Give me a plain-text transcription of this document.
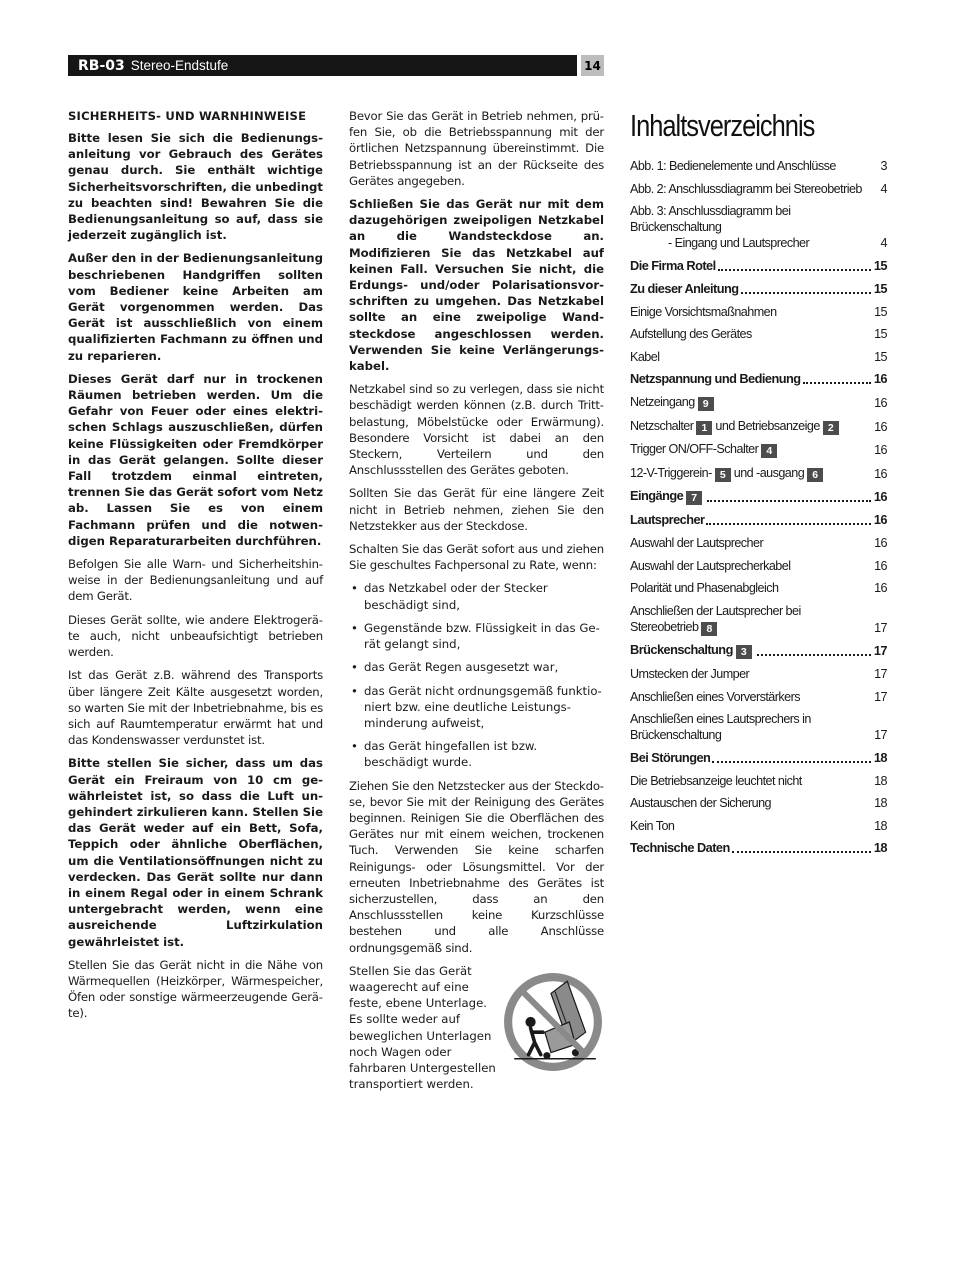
RB-03 Stereo-Endstufe	14
SICHERHEITS- UND WARNHINWEISE

Bitte lesen Sie sich die Bedienungsanleitung vor Gebrauch des Gerätes genau durch. Sie enthält wichtige Sicherheitsvorschriften, die unbedingt zu beachten sind! Bewahren Sie die Bedienungsanleitung so auf, dass sie jederzeit zugänglich ist.

Außer den in der Bedienungsanleitung beschriebenen Handgriffen sollten vom Bediener keine Arbeiten am Gerät vorgenommen werden. Das Gerät ist ausschließlich von einem qualifizierten Fachmann zu öffnen und zu reparieren.

Dieses Gerät darf nur in trockenen Räumen betrieben werden. Um die Gefahr von Feuer oder eines elektrischen Schlags auszuschließen, dürfen keine Flüssigkeiten oder Fremdkörper in das Gerät gelangen. Sollte dieser Fall trotzdem einmal eintreten, trennen Sie das Gerät sofort vom Netz ab. Lassen Sie es von einem Fachmann prüfen und die notwendigen Reparaturarbeiten durchführen.

Befolgen Sie alle Warn- und Sicherheitshinweise in der Bedienungsanleitung und auf dem Gerät.

Dieses Gerät sollte, wie andere Elektrogeräte auch, nicht unbeaufsichtigt betrieben werden.

Ist das Gerät z.B. während des Transports über längere Zeit Kälte ausgesetzt worden, so warten Sie mit der Inbetriebnahme, bis es sich auf Raumtemperatur erwärmt hat und das Kondenswasser verdunstet ist.

Bitte stellen Sie sicher, dass um das Gerät ein Freiraum von 10 cm gewährleistet ist, so dass die Luft ungehindert zirkulieren kann. Stellen Sie das Gerät weder auf ein Bett, Sofa, Teppich oder ähnliche Oberflächen, um die Ventilationsöffnungen nicht zu verdecken. Das Gerät sollte nur dann in einem Regal oder in einem Schrank untergebracht werden, wenn eine ausreichende Luftzirkulation gewährleistet ist.

Stellen Sie das Gerät nicht in die Nähe von Wärmequellen (Heizkörper, Wärmespeicher, Öfen oder sonstige wärmeerzeugende Geräte).

Bevor Sie das Gerät in Betrieb nehmen, prüfen Sie, ob die Betriebsspannung mit der örtlichen Netzspannung übereinstimmt. Die Betriebsspannung ist an der Rückseite des Gerätes angegeben.

Schließen Sie das Gerät nur mit dem dazugehörigen zweipoligen Netzkabel an die Wandsteckdose an. Modifizieren Sie das Netzkabel auf keinen Fall. Versuchen Sie nicht, die Erdungs- und/oder Polarisationsvorschriften zu umgehen. Das Netzkabel sollte an eine zweipolige Wandsteckdose angeschlossen werden. Verwenden Sie keine Verlängerungskabel.

Netzkabel sind so zu verlegen, dass sie nicht beschädigt werden können (z.B. durch Trittbelastung, Möbelstücke oder Erwärmung). Besondere Vorsicht ist dabei an den Steckern, Verteilern und den Anschlussstellen des Gerätes geboten.

Sollten Sie das Gerät für eine längere Zeit nicht in Betrieb nehmen, ziehen Sie den Netzstekker aus der Steckdose.

Schalten Sie das Gerät sofort aus und ziehen Sie geschultes Fachpersonal zu Rate, wenn:

• das Netzkabel oder der Stecker beschädigt sind,
• Gegenstände bzw. Flüssigkeit in das Gerät gelangt sind,
• das Gerät Regen ausgesetzt war,
• das Gerät nicht ordnungsgemäß funktioniert bzw. eine deutliche Leistungsminderung aufweist,
• das Gerät hingefallen ist bzw. beschädigt wurde.

Ziehen Sie den Netzstecker aus der Steckdose, bevor Sie mit der Reinigung des Gerätes beginnen. Reinigen Sie die Oberflächen des Gerätes nur mit einem weichen, trockenen Tuch. Verwenden Sie keine scharfen Reinigungs- oder Lösungsmittel. Vor der erneuten Inbetriebnahme des Gerätes ist sicherzustellen, dass an den Anschlussstellen keine Kurzschlüsse bestehen und alle Anschlüsse ordnungsgemäß sind.

Stellen Sie das Gerät waagerecht auf eine feste, ebene Unterlage. Es sollte weder auf beweglichen Unterlagen noch Wagen oder fahrbaren Untergestellen transportiert werden.
Inhaltsverzeichnis
Abb. 1: Bedienelemente und Anschlüsse	3
Abb. 2: Anschlussdiagramm bei Stereobetrieb	4
Abb. 3: Anschlussdiagramm bei Brückenschaltung
- Eingang und Lautsprecher	4
Die Firma Rotel	15
Zu dieser Anleitung	15
Einige Vorsichtsmaßnahmen	15
Aufstellung des Gerätes	15
Kabel	15
Netzspannung und Bedienung	16
Netzeingang 9	16
Netzschalter 1 und Betriebsanzeige 2	16
Trigger ON/OFF-Schalter 4	16
12-V-Triggerein- 5 und -ausgang 6	16
Eingänge 7	16
Lautsprecher	16
Auswahl der Lautsprecher	16
Auswahl der Lautsprecherkabel	16
Polarität und Phasenabgleich	16
Anschließen der Lautsprecher bei
Stereobetrieb 8	17
Brückenschaltung 3	17
Umstecken der Jumper	17
Anschließen eines Vorverstärkers	17
Anschließen eines Lautsprechers in
Brückenschaltung	17
Bei Störungen	18
Die Betriebsanzeige leuchtet nicht	18
Austauschen der Sicherung	18
Kein Ton	18
Technische Daten	18
